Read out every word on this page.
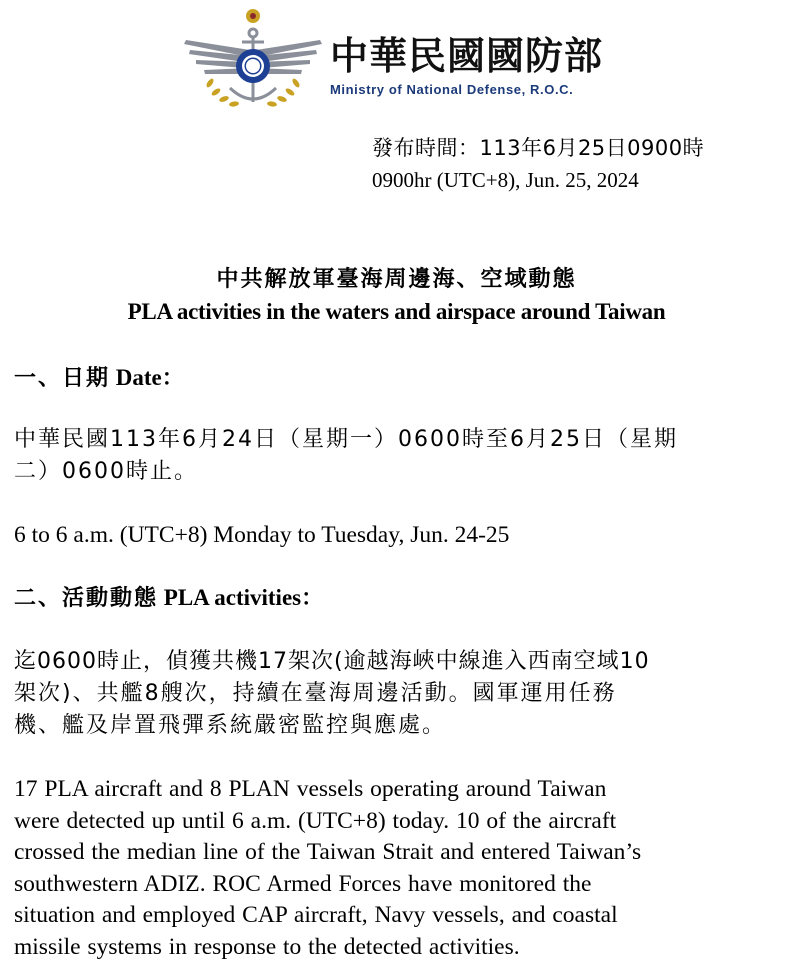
中華民國國防部
Ministry of National Defense, R.O.C.
發布時間：113年6月25日0900時
0900hr (UTC+8), Jun. 25, 2024
中共解放軍臺海周邊海、空域動態
PLA activities in the waters and airspace around Taiwan
一、日期 Date：
中華民國113年6月24日（星期一）0600時至6月25日（星期
二）0600時止。
6 to 6 a.m. (UTC+8) Monday to Tuesday, Jun. 24-25
二、活動動態 PLA activities：
迄0600時止，偵獲共機17架次(逾越海峽中線進入西南空域10
架次)、共艦8艘次，持續在臺海周邊活動。國軍運用任務
機、艦及岸置飛彈系統嚴密監控與應處。
17 PLA aircraft and 8 PLAN vessels operating around Taiwan
were detected up until 6 a.m. (UTC+8) today. 10 of the aircraft
crossed the median line of the Taiwan Strait and entered Taiwan’s
southwestern ADIZ. ROC Armed Forces have monitored the
situation and employed CAP aircraft, Navy vessels, and coastal
missile systems in response to the detected activities.
